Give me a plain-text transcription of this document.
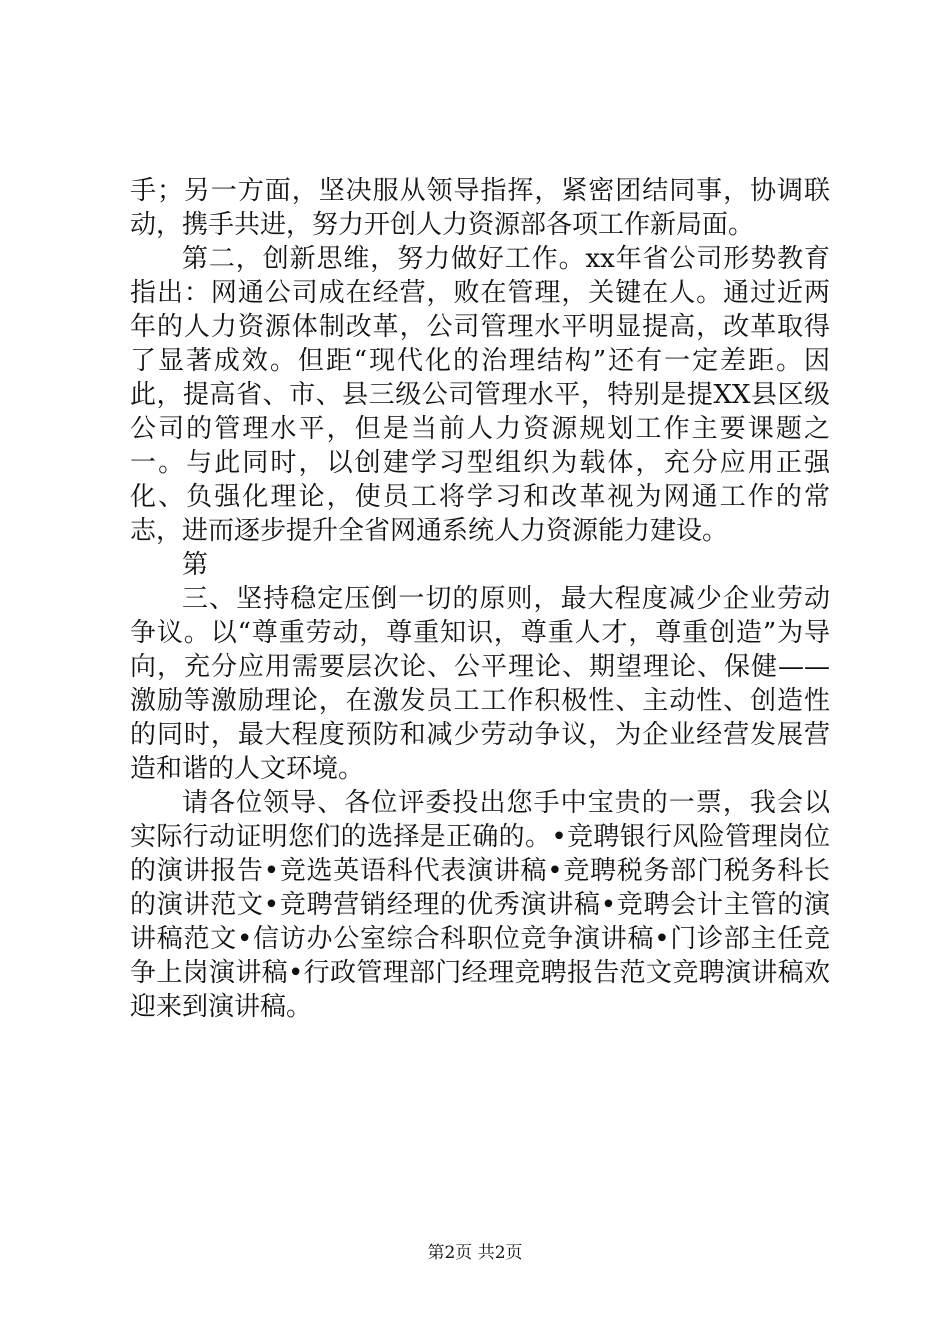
手；另一方面，坚决服从领导指挥，紧密团结同事，协调联动，携手共进，努力开创人力资源部各项工作新局面。

第二，创新思维，努力做好工作。xx年省公司形势教育指出：网通公司成在经营，败在管理，关键在人。通过近两年的人力资源体制改革，公司管理水平明显提高，改革取得了显著成效。但距“现代化的治理结构”还有一定差距。因此，提高省、市、县三级公司管理水平，特别是提XX县区级公司的管理水平，但是当前人力资源规划工作主要课题之一。与此同时，以创建学习型组织为载体，充分应用正强化、负强化理论，使员工将学习和改革视为网通工作的常志，进而逐步提升全省网通系统人力资源能力建设。

第

三、坚持稳定压倒一切的原则，最大程度减少企业劳动争议。以“尊重劳动，尊重知识，尊重人才，尊重创造”为导向，充分应用需要层次论、公平理论、期望理论、保健——激励等激励理论，在激发员工工作积极性、主动性、创造性的同时，最大程度预防和减少劳动争议，为企业经营发展营造和谐的人文环境。

请各位领导、各位评委投出您手中宝贵的一票，我会以实际行动证明您们的选择是正确的。•竞聘银行风险管理岗位的演讲报告•竞选英语科代表演讲稿•竞聘税务部门税务科长的演讲范文•竞聘营销经理的优秀演讲稿•竞聘会计主管的演讲稿范文•信访办公室综合科职位竞争演讲稿•门诊部主任竞争上岗演讲稿•行政管理部门经理竞聘报告范文竞聘演讲稿欢迎来到演讲稿。

第2页 共2页
